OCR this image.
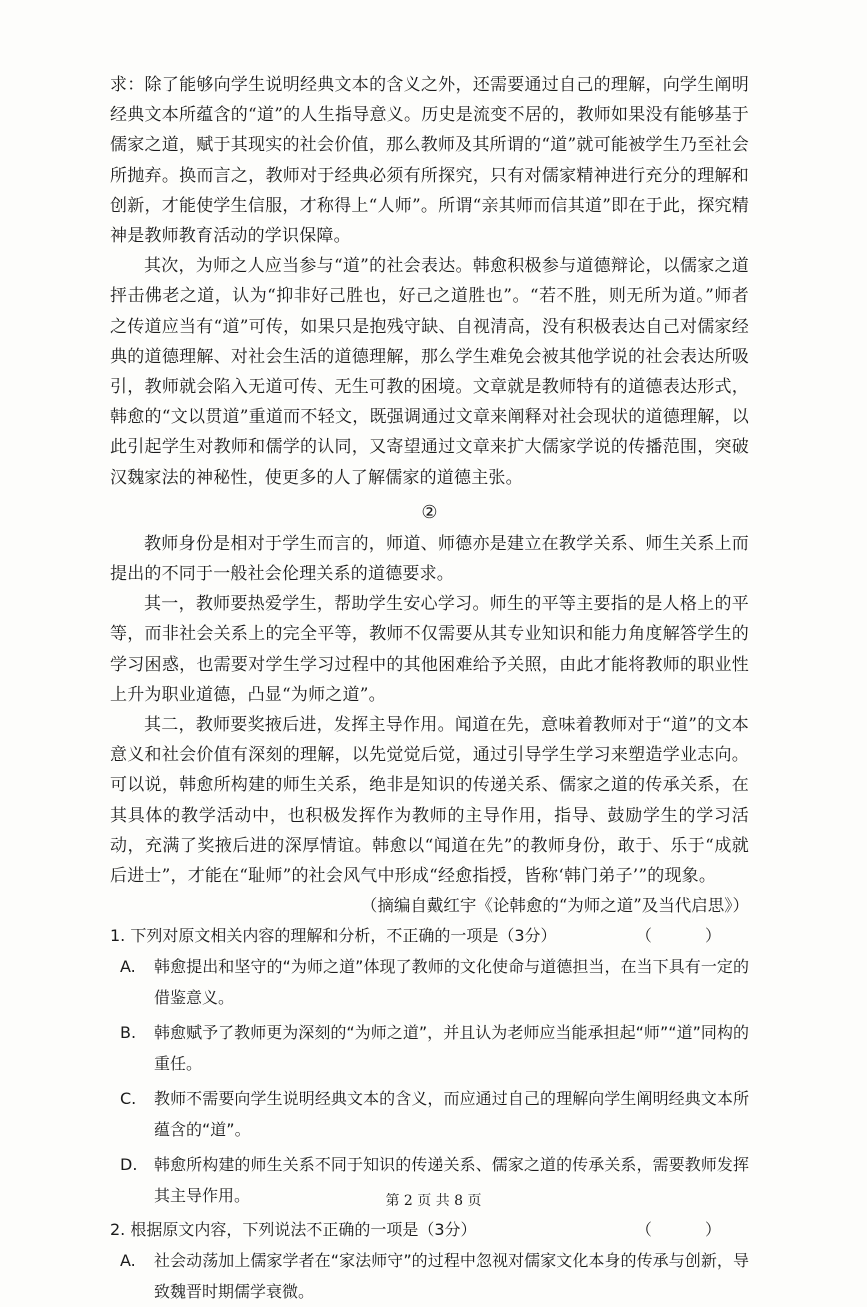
求：除了能够向学生说明经典文本的含义之外，还需要通过自己的理解，向学生阐明经典文本所蕴含的“道”的人生指导意义。历史是流变不居的，教师如果没有能够基于儒家之道，赋于其现实的社会价值，那么教师及其所谓的“道”就可能被学生乃至社会所抛弃。换而言之，教师对于经典必须有所探究，只有对儒家精神进行充分的理解和创新，才能使学生信服，才称得上“人师”。所谓“亲其师而信其道”即在于此，探究精神是教师教育活动的学识保障。

其次，为师之人应当参与“道”的社会表达。韩愈积极参与道德辩论，以儒家之道抨击佛老之道，认为“抑非好己胜也，好己之道胜也”。“若不胜，则无所为道。”师者之传道应当有“道”可传，如果只是抱残守缺、自视清高，没有积极表达自己对儒家经典的道德理解、对社会生活的道德理解，那么学生难免会被其他学说的社会表达所吸引，教师就会陷入无道可传、无生可教的困境。文章就是教师特有的道德表达形式，韩愈的“文以贯道”重道而不轻文，既强调通过文章来阐释对社会现状的道德理解，以此引起学生对教师和儒学的认同，又寄望通过文章来扩大儒家学说的传播范围，突破汉魏家法的神秘性，使更多的人了解儒家的道德主张。

②

教师身份是相对于学生而言的，师道、师德亦是建立在教学关系、师生关系上而提出的不同于一般社会伦理关系的道德要求。

其一，教师要热爱学生，帮助学生安心学习。师生的平等主要指的是人格上的平等，而非社会关系上的完全平等，教师不仅需要从其专业知识和能力角度解答学生的学习困惑，也需要对学生学习过程中的其他困难给予关照，由此才能将教师的职业性上升为职业道德，凸显“为师之道”。

其二，教师要奖掖后进，发挥主导作用。闻道在先，意味着教师对于“道”的文本意义和社会价值有深刻的理解，以先觉觉后觉，通过引导学生学习来塑造学业志向。可以说，韩愈所构建的师生关系，绝非是知识的传递关系、儒家之道的传承关系，在其具体的教学活动中，也积极发挥作为教师的主导作用，指导、鼓励学生的学习活动，充满了奖掖后进的深厚情谊。韩愈以“闻道在先”的教师身份，敢于、乐于“成就后进士”，才能在“耻师”的社会风气中形成“经愈指授，皆称‘韩门弟子’”的现象。

（摘编自戴红宇《论韩愈的“为师之道”及当代启思》）

1. 下列对原文相关内容的理解和分析，不正确的一项是（3分）	（ ）

A.	韩愈提出和坚守的“为师之道”体现了教师的文化使命与道德担当，在当下具有一定的借鉴意义。
B.	韩愈赋予了教师更为深刻的“为师之道”，并且认为老师应当能承担起“师”“道”同构的重任。
C.	教师不需要向学生说明经典文本的含义，而应通过自己的理解向学生阐明经典文本所蕴含的“道”。
D.	韩愈所构建的师生关系不同于知识的传递关系、儒家之道的传承关系，需要教师发挥其主导作用。

2. 根据原文内容，下列说法不正确的一项是（3分）	（ ）

A.	社会动荡加上儒家学者在“家法师守”的过程中忽视对儒家文化本身的传承与创新，导致魏晋时期儒学衰微。
第 2 页 共 8 页
